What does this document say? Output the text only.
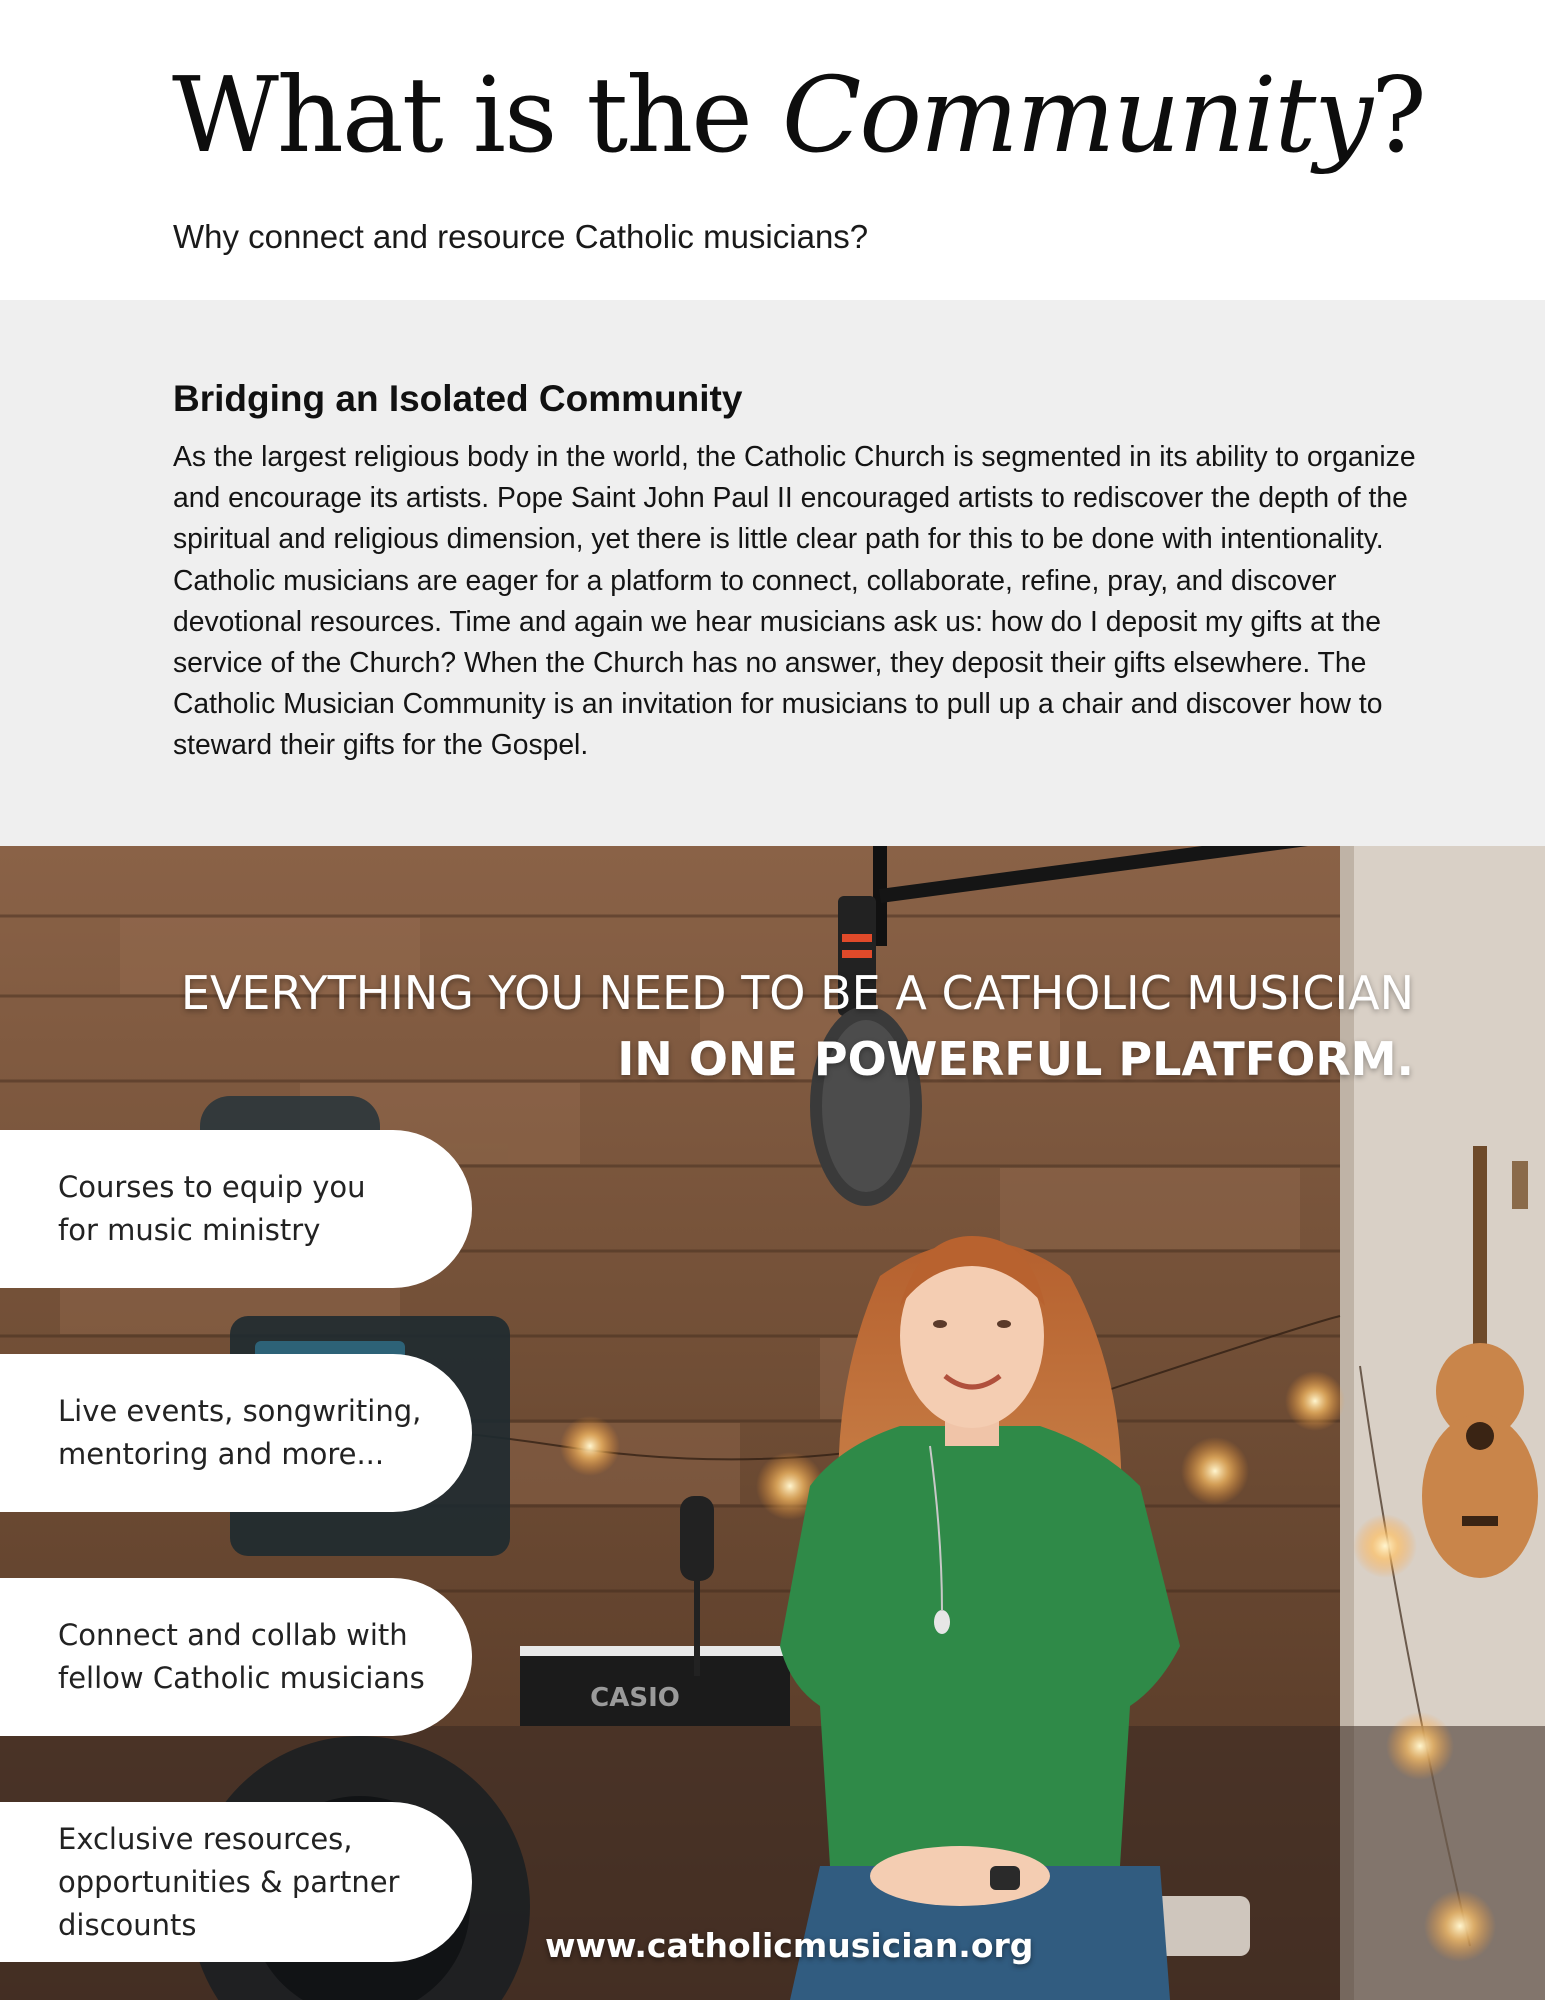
What is the Community?

Why connect and resource Catholic musicians?

Bridging an Isolated Community

As the largest religious body in the world, the Catholic Church is segmented in its ability to organize and encourage its artists. Pope Saint John Paul II encouraged artists to rediscover the depth of the spiritual and religious dimension, yet there is little clear path for this to be done with intentionality. Catholic musicians are eager for a platform to connect, collaborate, refine, pray, and discover devotional resources. Time and again we hear musicians ask us: how do I deposit my gifts at the service of the Church? When the Church has no answer, they deposit their gifts elsewhere. The Catholic Musician Community is an invitation for musicians to pull up a chair and discover how to steward their gifts for the Gospel.

CASIO

EVERYTHING YOU NEED TO BE A CATHOLIC MUSICIAN
IN ONE POWERFUL PLATFORM.

Courses to equip you
for music ministry
Live events, songwriting,
mentoring and more...
Connect and collab with
fellow Catholic musicians
Exclusive resources,
opportunities & partner
discounts

www.catholicmusician.org
